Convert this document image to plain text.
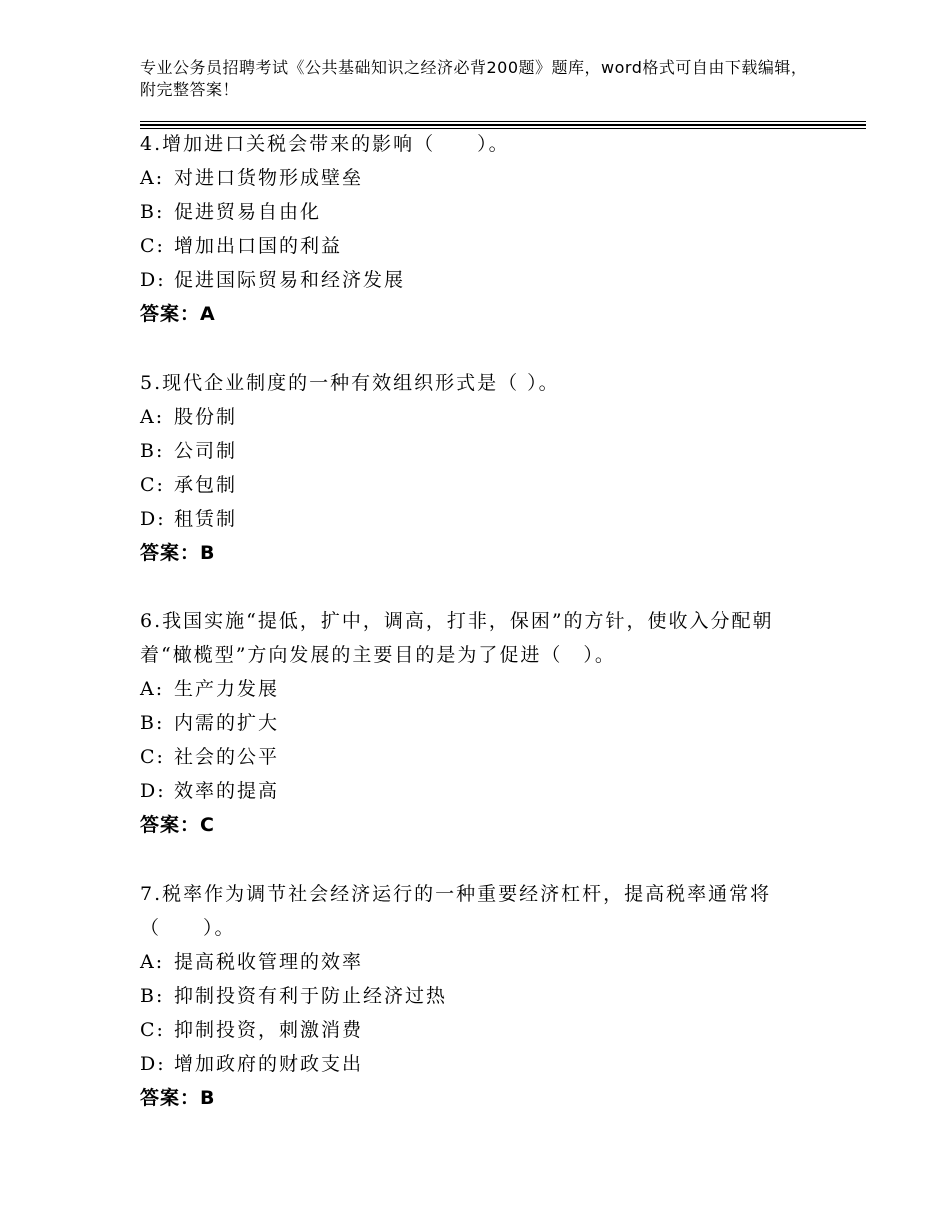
专业公务员招聘考试《公共基础知识之经济必背200题》题库，word格式可自由下载编辑，附完整答案！

4.增加进口关税会带来的影响（　　）。

A: 对进口货物形成壁垒

B: 促进贸易自由化

C: 增加出口国的利益

D: 促进国际贸易和经济发展

答案：A

5.现代企业制度的一种有效组织形式是（ ）。

A: 股份制

B: 公司制

C: 承包制

D: 租赁制

答案：B

6.我国实施“提低，扩中，调高，打非，保困”的方针，使收入分配朝着“橄榄型”方向发展的主要目的是为了促进（　）。

A: 生产力发展

B: 内需的扩大

C: 社会的公平

D: 效率的提高

答案：C

7.税率作为调节社会经济运行的一种重要经济杠杆，提高税率通常将（　　）。

A: 提高税收管理的效率

B: 抑制投资有利于防止经济过热

C: 抑制投资，刺激消费

D: 增加政府的财政支出

答案：B
